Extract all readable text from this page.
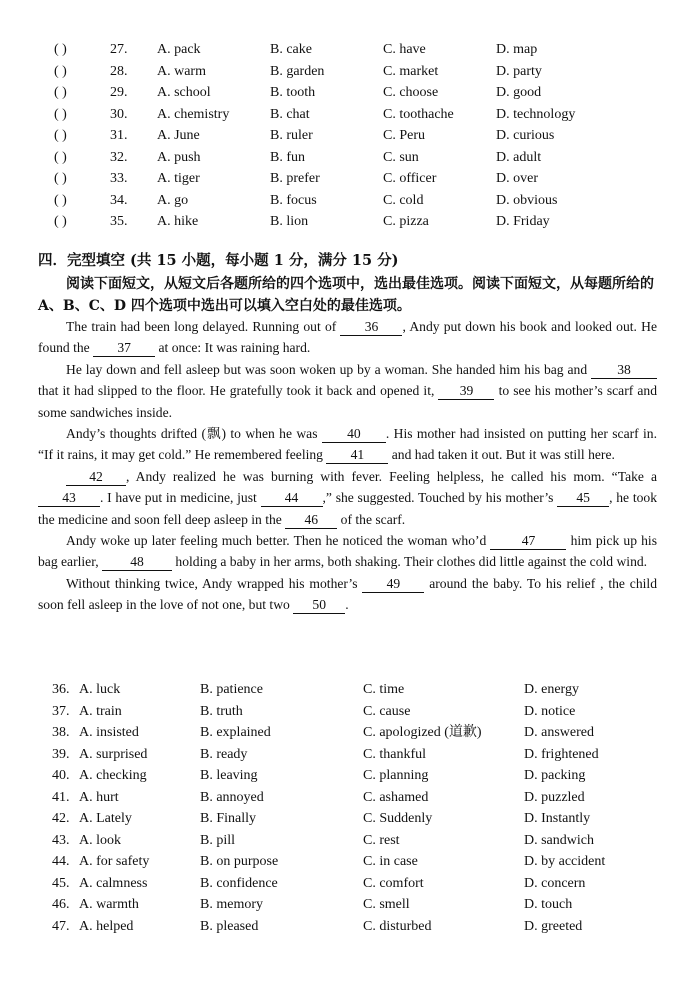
( )	27. A. pack	B. cake	C. have	D. map
( )	28. A. warm	B. garden	C. market	D. party
( )	29. A. school	B. tooth	C. choose	D. good
( )	30. A. chemistry	B. chat	C. toothache	D. technology
( )	31. A. June	B. ruler	C. Peru	D. curious
( )	32. A. push	B. fun	C. sun	D. adult
( )	33. A. tiger	B. prefer	C. officer	D. over
( )	34. A. go	B. focus	C. cold	D. obvious
( )	35. A. hike	B. lion	C. pizza	D. Friday
四．完型填空 (共 15 小题，每小题 1 分，满分 15 分)
阅读下面短文，从短文后各题所给的四个选项中，选出最佳选项。阅读下面短文，从每题所给的 A、B、C、D 四个选项中选出可以填入空白处的最佳选项。

The train had been long delayed. Running out of 36 , Andy put down his book and looked out. He found the 37 at once: It was raining hard.

He lay down and fell asleep but was soon woken up by a woman. She handed him his bag and 38 that it had slipped to the floor. He gratefully took it back and opened it, 39 to see his mother’s scarf and some sandwiches inside.

Andy’s thoughts drifted (飘) to when he was 40 . His mother had insisted on putting her scarf in. “If it rains, it may get cold.” He remembered feeling 41 and had taken it out. But it was still here.

42 , Andy realized he was burning with fever. Feeling helpless, he called his mom. “Take a 43 . I have put in medicine, just 44 ,” she suggested. Touched by his mother’s 45 , he took the medicine and soon fell deep asleep in the 46 of the scarf.

Andy woke up later feeling much better. Then he noticed the woman who’d 47 him pick up his bag earlier, 48 holding a baby in her arms, both shaking. Their clothes did little against the cold wind.

Without thinking twice, Andy wrapped his mother’s 49 around the baby. To his relief , the child soon fell asleep in the love of not one, but two 50 .

36. A. luck	B. patience	C. time	D. energy
37. A. train	B. truth	C. cause	D. notice
38. A. insisted	B. explained	C. apologized (道歉)	D. answered
39. A. surprised	B. ready	C. thankful	D. frightened
40. A. checking	B. leaving	C. planning	D. packing
41. A. hurt	B. annoyed	C. ashamed	D. puzzled
42. A. Lately	B. Finally	C. Suddenly	D. Instantly
43. A. look	B. pill	C. rest	D. sandwich
44. A. for safety	B. on purpose	C. in case	D. by accident
45. A. calmness	B. confidence	C. comfort	D. concern
46. A. warmth	B. memory	C. smell	D. touch
47. A. helped	B. pleased	C. disturbed	D. greeted
